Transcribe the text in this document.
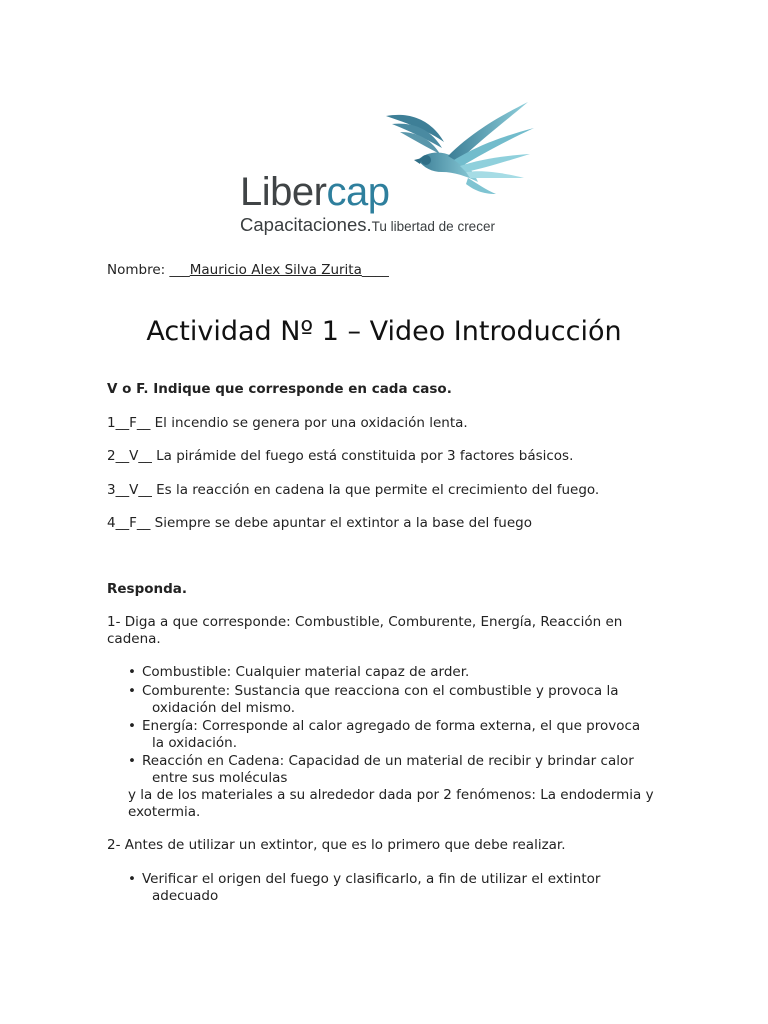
Libercap
Capacitaciones.Tu libertad de crecer
Nombre: ___Mauricio Alex Silva Zurita____
Actividad Nº 1 – Video Introducción
V o F. Indique que corresponde en cada caso.
1__F__ El incendio se genera por una oxidación lenta.
2__V__ La pirámide del fuego está constituida por 3 factores básicos.
3__V__ Es la reacción en cadena la que permite el crecimiento del fuego.
4__F__ Siempre se debe apuntar el extintor a la base del fuego
Responda.
1- Diga a que corresponde: Combustible, Comburente, Energía, Reacción en cadena.
• Combustible: Cualquier material capaz de arder.
• Comburente: Sustancia que reacciona con el combustible y provoca la
oxidación del mismo.
• Energía: Corresponde al calor agregado de forma externa, el que provoca
la oxidación.
• Reacción en Cadena: Capacidad de un material de recibir y brindar calor
entre sus moléculas
y la de los materiales a su alrededor dada por 2 fenómenos: La endodermia y exotermia.
2- Antes de utilizar un extintor, que es lo primero que debe realizar.
• Verificar el origen del fuego y clasificarlo, a fin de utilizar el extintor
adecuado
